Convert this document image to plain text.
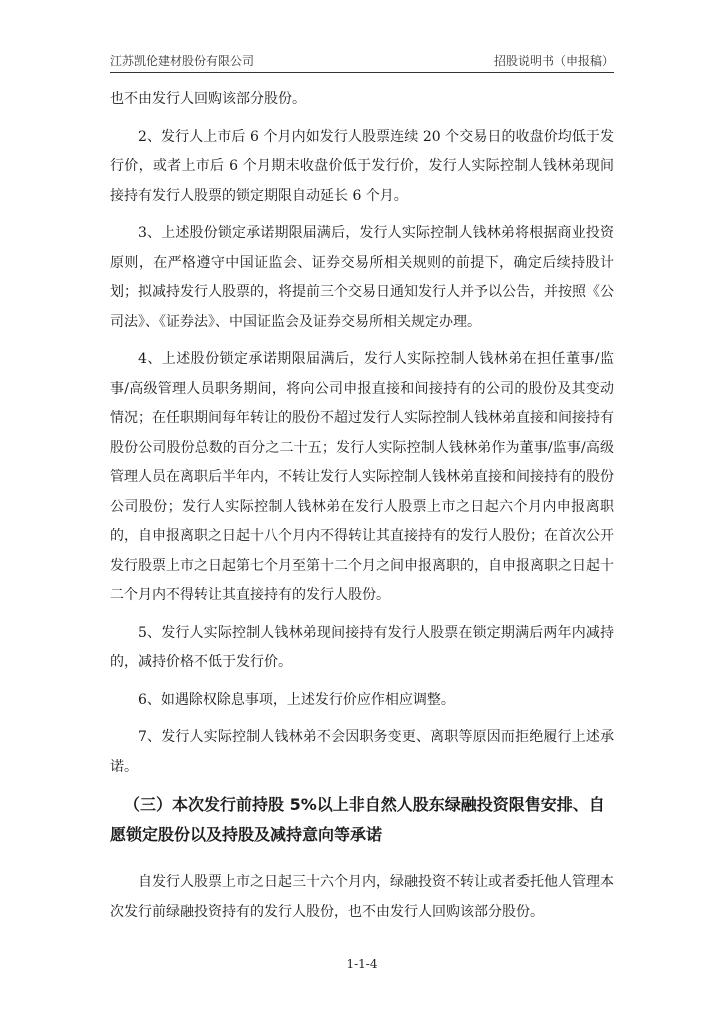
江苏凯伦建材股份有限公司	招股说明书（申报稿）

也不由发行人回购该部分股份。

2、发行人上市后 6 个月内如发行人股票连续 20 个交易日的收盘价均低于发行价，或者上市后 6 个月期末收盘价低于发行价，发行人实际控制人钱林弟现间接持有发行人股票的锁定期限自动延长 6 个月。

3、上述股份锁定承诺期限届满后，发行人实际控制人钱林弟将根据商业投资原则，在严格遵守中国证监会、证券交易所相关规则的前提下，确定后续持股计划；拟减持发行人股票的，将提前三个交易日通知发行人并予以公告，并按照《公司法》、《证券法》、中国证监会及证券交易所相关规定办理。

4、上述股份锁定承诺期限届满后，发行人实际控制人钱林弟在担任董事/监事/高级管理人员职务期间，将向公司申报直接和间接持有的公司的股份及其变动情况；在任职期间每年转让的股份不超过发行人实际控制人钱林弟直接和间接持有股份公司股份总数的百分之二十五；发行人实际控制人钱林弟作为董事/监事/高级管理人员在离职后半年内，不转让发行人实际控制人钱林弟直接和间接持有的股份公司股份；发行人实际控制人钱林弟在发行人股票上市之日起六个月内申报离职的，自申报离职之日起十八个月内不得转让其直接持有的发行人股份；在首次公开发行股票上市之日起第七个月至第十二个月之间申报离职的，自申报离职之日起十二个月内不得转让其直接持有的发行人股份。

5、发行人实际控制人钱林弟现间接持有发行人股票在锁定期满后两年内减持的，减持价格不低于发行价。

6、如遇除权除息事项，上述发行价应作相应调整。

7、发行人实际控制人钱林弟不会因职务变更、离职等原因而拒绝履行上述承诺。

（三）本次发行前持股 5%以上非自然人股东绿融投资限售安排、自愿锁定股份以及持股及减持意向等承诺

自发行人股票上市之日起三十六个月内，绿融投资不转让或者委托他人管理本次发行前绿融投资持有的发行人股份，也不由发行人回购该部分股份。

1-1-4
